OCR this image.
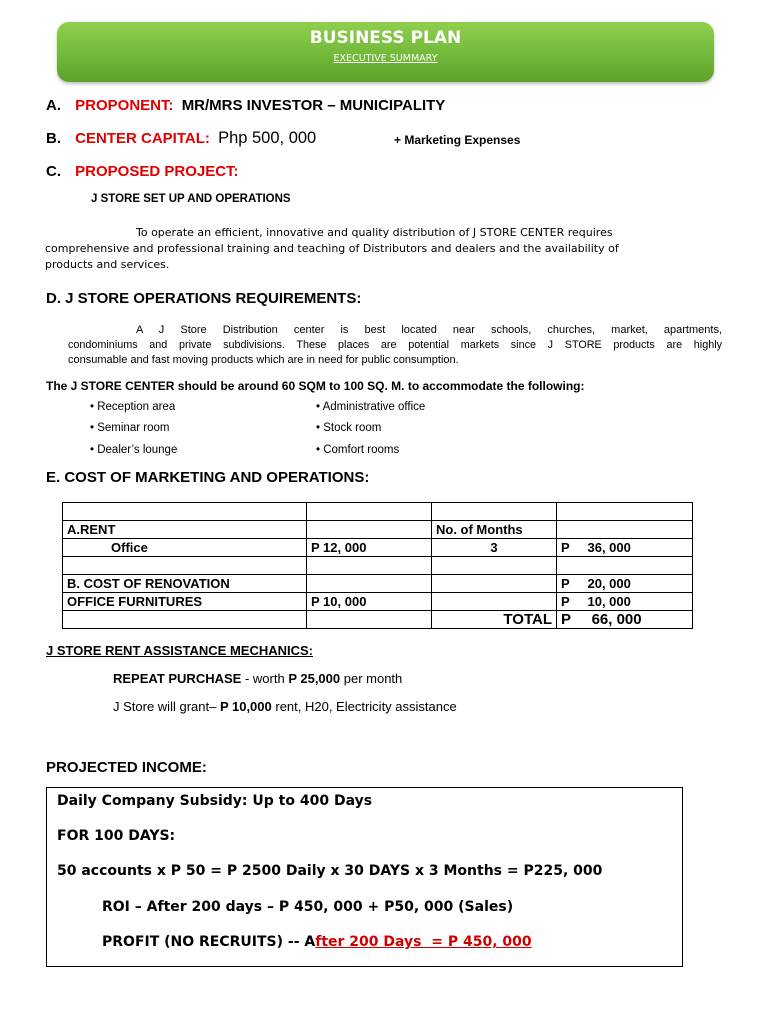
BUSINESS PLAN
EXECUTIVE SUMMARY
A. PROPONENT: MR/MRS INVESTOR – MUNICIPALITY
B. CENTER CAPITAL: Php 500, 000	+ Marketing Expenses
C. PROPOSED PROJECT:
J STORE SET UP AND OPERATIONS
To operate an efficient, innovative and quality distribution of J STORE CENTER requires
comprehensive and professional training and teaching of Distributors and dealers and the availability of
products and services.
D. J STORE OPERATIONS REQUIREMENTS:
A J Store Distribution center is best located near schools, churches, market, apartments,
condominiums and private subdivisions. These places are potential markets since J STORE products are highly
consumable and fast moving products which are in need for public consumption.
The J STORE CENTER should be around 60 SQM to 100 SQ. M. to accommodate the following:
• Reception area
• Seminar room
• Dealer’s lounge
• Administrative office
• Stock room
• Comfort rooms
E. COST OF MARKETING AND OPERATIONS:

A.RENT		No. of Months	
Office	P 12, 000	3	P     36, 000

B. COST OF RENOVATION			P     20, 000
OFFICE FURNITURES	P 10, 000		P     10, 000
		TOTAL	P     66, 000
J STORE RENT ASSISTANCE MECHANICS:
REPEAT PURCHASE - worth P 25,000 per month
J Store will grant– P 10,000 rent, H20, Electricity assistance
PROJECTED INCOME:
Daily Company Subsidy: Up to 400 Days
FOR 100 DAYS:
50 accounts x P 50 = P 2500 Daily x 30 DAYS x 3 Months = P225, 000
ROI – After 200 days – P 450, 000 + P50, 000 (Sales)
PROFIT (NO RECRUITS) -- After 200 Days  = P 450, 000
